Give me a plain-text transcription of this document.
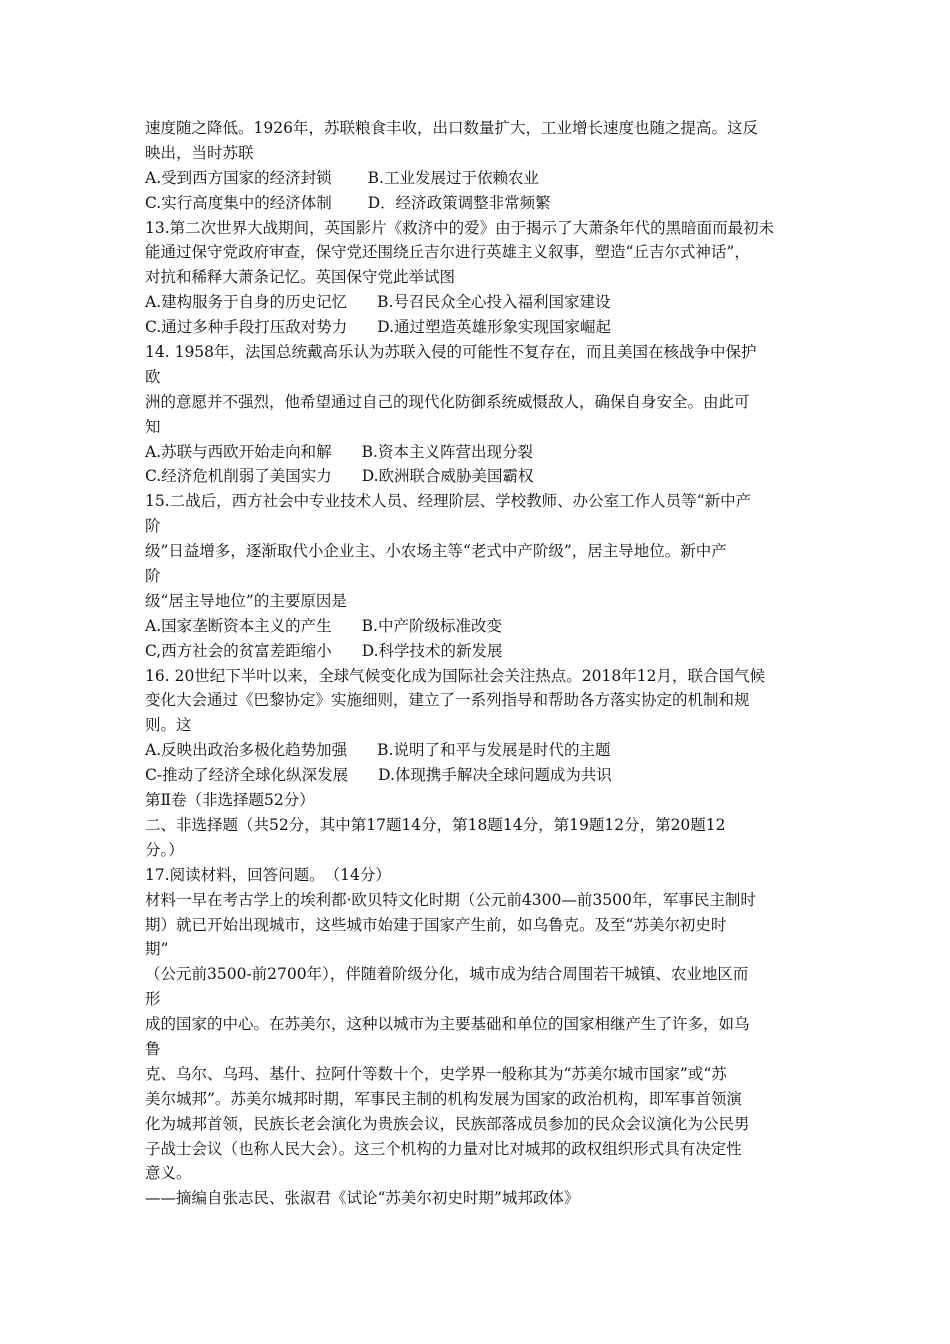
速度随之降低。1926年，苏联粮食丰收，出口数量扩大，工业增长速度也随之提高。这反
映出，当时苏联
A.受到西方国家的经济封锁 B.工业发展过于依赖农业
C.实行高度集中的经济体制 D．经济政策调整非常频繁
13.第二次世界大战期间，英国影片《救济中的爱》由于揭示了大萧条年代的黑暗面而最初未
能通过保守党政府审查，保守党还围绕丘吉尔进行英雄主义叙事，塑造“丘吉尔式神话”，
对抗和稀释大萧条记忆。英国保守党此举试图
A.建构服务于自身的历史记忆 B.号召民众全心投入福利国家建设
C.通过多种手段打压敌对势力 D.通过塑造英雄形象实现国家崛起
14. 1958年，法国总统戴高乐认为苏联入侵的可能性不复存在，而且美国在核战争中保护
欧
洲的意愿并不强烈，他希望通过自己的现代化防御系统威慑敌人，确保自身安全。由此可
知
A.苏联与西欧开始走向和解 B.资本主义阵营出现分裂
C.经济危机削弱了美国实力 D.欧洲联合威胁美国霸权
15.二战后，西方社会中专业技术人员、经理阶层、学校教师、办公室工作人员等“新中产
阶
级”日益增多，逐渐取代小企业主、小农场主等“老式中产阶级”，居主导地位。新中产
阶
级“居主导地位”的主要原因是
A.国家垄断资本主义的产生 B.中产阶级标准改变
C,西方社会的贫富差距缩小 D.科学技术的新发展
16. 20世纪下半叶以来，全球气候变化成为国际社会关注热点。2018年12月，联合国气候
变化大会通过《巴黎协定》实施细则，建立了一系列指导和帮助各方落实协定的机制和规
则。这
A.反映出政治多极化趋势加强 B.说明了和平与发展是时代的主题
C-推动了经济全球化纵深发展 D.体现携手解决全球问题成为共识
第Ⅱ卷（非选择题52分）
二、非选择题（共52分，其中第17题14分，第18题14分，第19题12分，第20题12
分。）
17.阅读材料，回答问题。　（14分）
材料一早在考古学上的埃利都·欧贝特文化时期（公元前4300—前3500年，军事民主制时
期）就已开始出现城市，这些城市始建于国家产生前，如乌鲁克。及至“苏美尔初史时
期”
（公元前3500-前2700年），伴随着阶级分化，城市成为结合周围若干城镇、农业地区而
形
成的国家的中心。在苏美尔，这种以城市为主要基础和单位的国家相继产生了许多，如乌
鲁
克、乌尔、乌玛、基什、拉阿什等数十个，史学界一般称其为“苏美尔城市国家”或“苏
美尔城邦”。苏美尔城邦时期，军事民主制的机构发展为国家的政治机构，即军事首领演
化为城邦首领，民族长老会演化为贵族会议，民族部落成员参加的民众会议演化为公民男
子战士会议（也称人民大会）。这三个机构的力量对比对城邦的政权组织形式具有决定性
意义。
——摘编自张志民、张淑君《试论“苏美尔初史时期”城邦政体》
